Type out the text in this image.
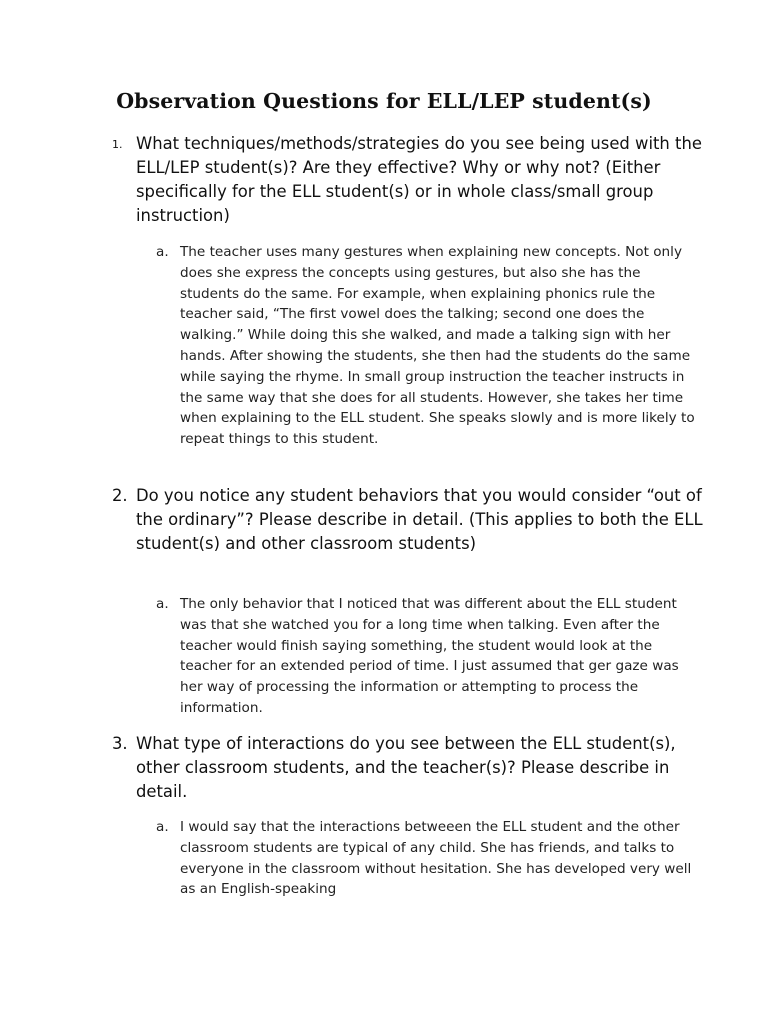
Observation Questions for ELL/LEP student(s)
1. What techniques/methods/strategies do you see being used with the ELL/LEP student(s)? Are they effective? Why or why not? (Either specifically for the ELL student(s) or in whole class/small group instruction)
a. The teacher uses many gestures when explaining new concepts. Not only does she express the concepts using gestures, but also she has the students do the same. For example, when explaining phonics rule the teacher said, “The first vowel does the talking; second one does the walking.” While doing this she walked, and made a talking sign with her hands. After showing the students, she then had the students do the same while saying the rhyme. In small group instruction the teacher instructs in the same way that she does for all students. However, she takes her time when explaining to the ELL student. She speaks slowly and is more likely to repeat things to this student.
2. Do you notice any student behaviors that you would consider “out of the ordinary”? Please describe in detail. (This applies to both the ELL student(s) and other classroom students)
a. The only behavior that I noticed that was different about the ELL student was that she watched you for a long time when talking. Even after the teacher would finish saying something, the student would look at the teacher for an extended period of time. I just assumed that ger gaze was her way of processing the information or attempting to process the information.
3. What type of interactions do you see between the ELL student(s), other classroom students, and the teacher(s)? Please describe in detail.
a. I would say that the interactions betweeen the ELL student and the other classroom students are typical of any child. She has friends, and talks to everyone in the classroom without hesitation. She has developed very well as an English-speaking
